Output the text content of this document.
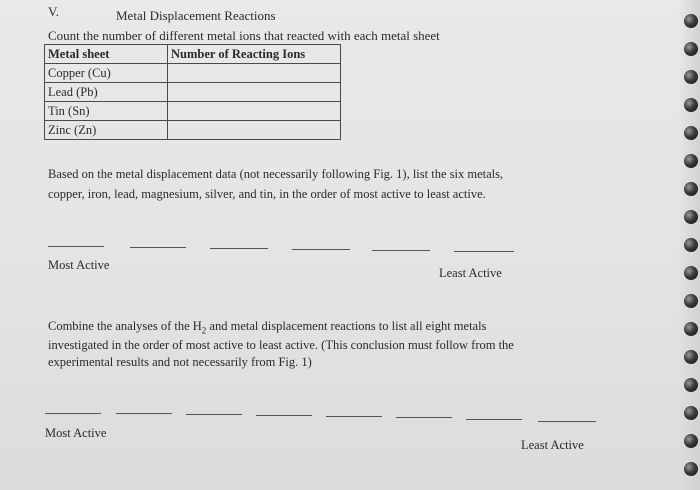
V.	Metal Displacement Reactions
Count the number of different metal ions that reacted with each metal sheet
Metal sheet	Number of Reacting Ions
Copper (Cu)	
Lead (Pb)	
Tin (Sn)	
Zinc (Zn)	
Based on the metal displacement data (not necessarily following Fig. 1), list the six metals,
copper, iron, lead, magnesium, silver, and tin, in the order of most active to least active.
Most Active
Least Active
Combine the analyses of the $H_2$ and metal displacement reactions to list all eight metals
investigated in the order of most active to least active. (This conclusion must follow from the
experimental results and not necessarily from Fig. 1)
Most Active
Least Active
